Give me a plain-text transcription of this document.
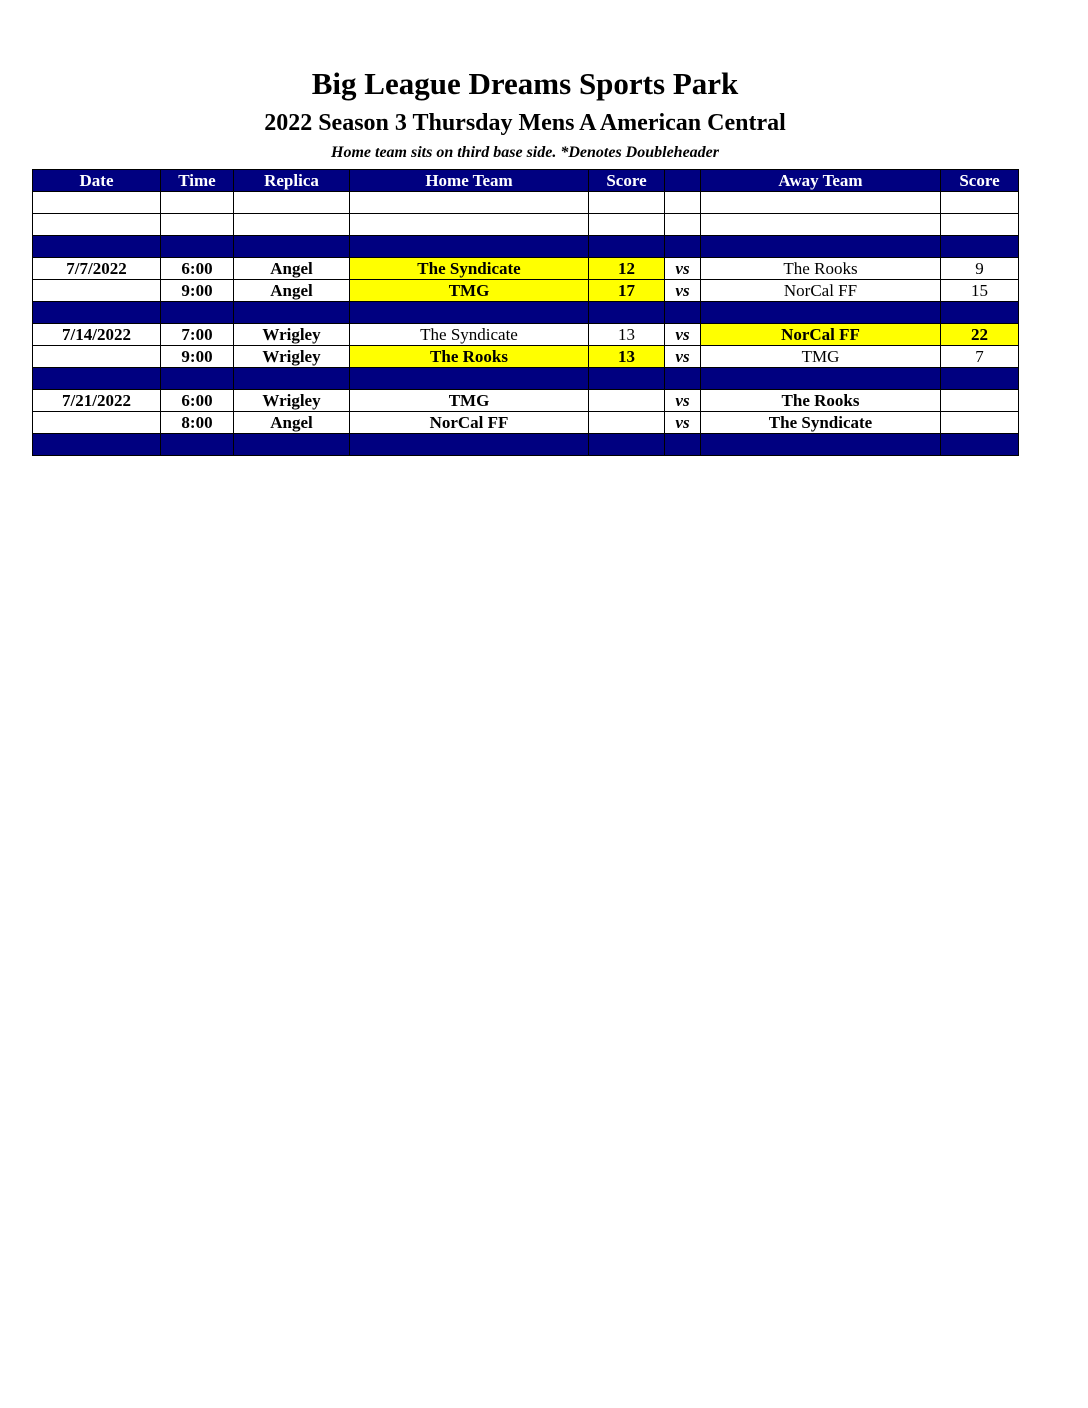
Big League Dreams Sports Park
2022 Season 3 Thursday Mens A American Central
Home team sits on third base side. *Denotes Doubleheader
Date	Time	Replica	Home Team	Score		Away Team	Score

7/7/2022	6:00	Angel	The Syndicate	12	vs	The Rooks	9
	9:00	Angel	TMG	17	vs	NorCal FF	15

7/14/2022	7:00	Wrigley	The Syndicate	13	vs	NorCal FF	22
	9:00	Wrigley	The Rooks	13	vs	TMG	7

7/21/2022	6:00	Wrigley	TMG		vs	The Rooks	
	8:00	Angel	NorCal FF		vs	The Syndicate	
